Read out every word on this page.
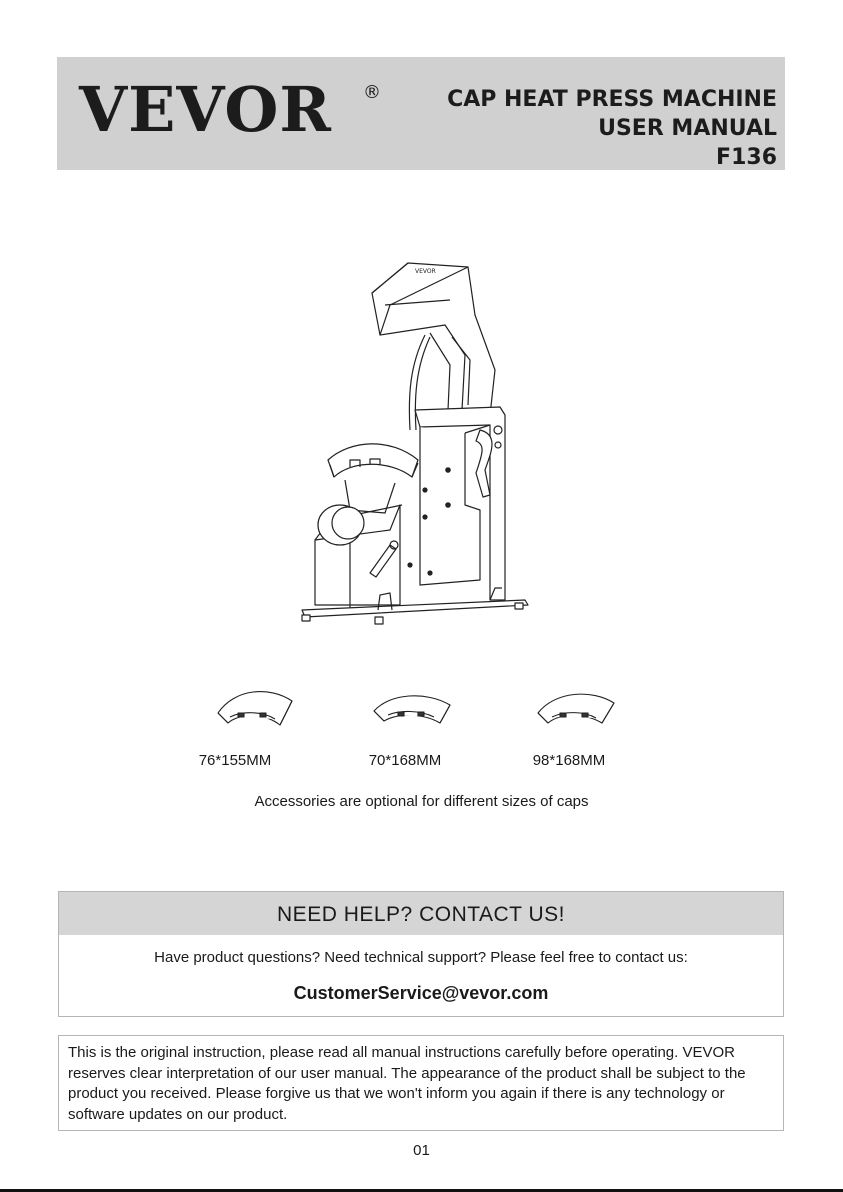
VEVOR ®	CAP HEAT PRESS MACHINE
USER MANUAL
F136
VEVOR
76*155MM	70*168MM	98*168MM
Accessories are optional for different sizes of caps
NEED HELP? CONTACT US!
Have product questions? Need technical support? Please feel free to contact us:
CustomerService@vevor.com
This is the original instruction, please read all manual instructions carefully before operating. VEVOR reserves clear interpretation of our user manual. The appearance of the product shall be subject to the product you received. Please forgive us that we won't inform you again if there is any technology or software updates on our product.
01
